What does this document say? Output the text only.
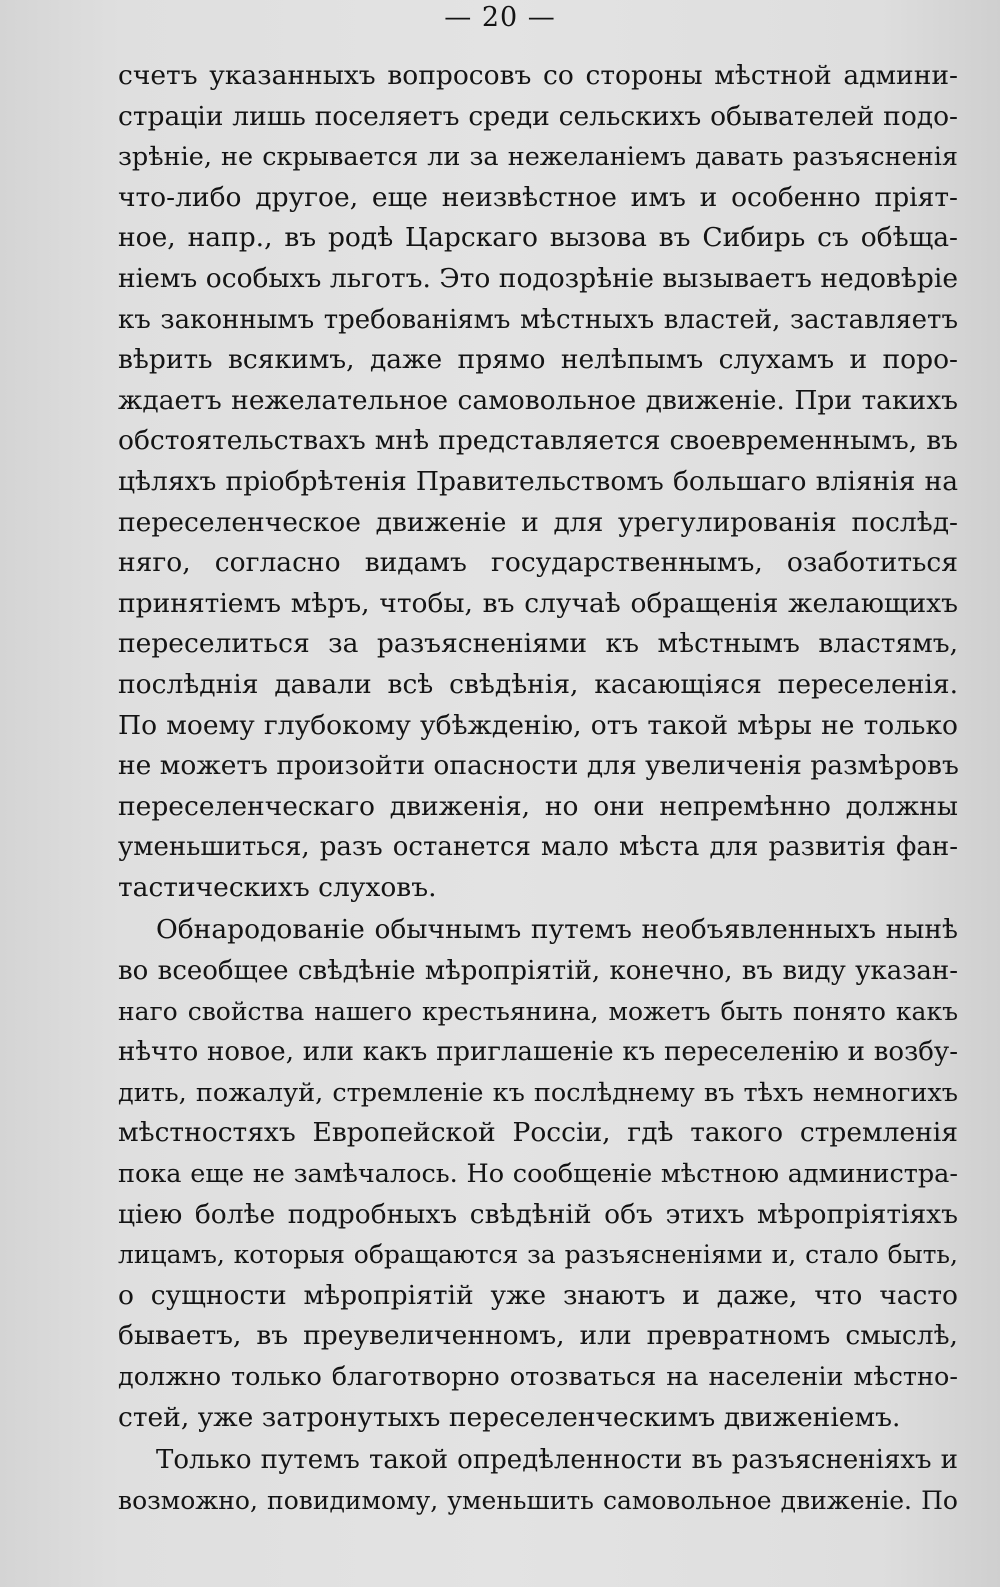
— 20 —
счетъ указанныхъ вопросовъ со стороны мѣстной админи-
страціи лишь поселяетъ среди сельскихъ обывателей подо-
зрѣніе, не скрывается ли за нежеланіемъ давать разъясненія
что-либо другое, еще неизвѣстное имъ и особенно пріят-
ное, напр., въ родѣ Царскаго вызова въ Сибирь съ обѣща-
ніемъ особыхъ льготъ. Это подозрѣніе вызываетъ недовѣріе
къ законнымъ требованіямъ мѣстныхъ властей, заставляетъ
вѣрить всякимъ, даже прямо нелѣпымъ слухамъ и поро-
ждаетъ нежелательное самовольное движеніе. При такихъ
обстоятельствахъ мнѣ представляется своевременнымъ, въ
цѣляхъ пріобрѣтенія Правительствомъ большаго вліянія на
переселенческое движеніе и для урегулированія послѣд-
няго, согласно видамъ государственнымъ, озаботиться
принятіемъ мѣръ, чтобы, въ случаѣ обращенія желающихъ
переселиться за разъясненіями къ мѣстнымъ властямъ,
послѣднія давали всѣ свѣдѣнія, касающіяся переселенія.
По моему глубокому убѣжденію, отъ такой мѣры не только
не можетъ произойти опасности для увеличенія размѣровъ
переселенческаго движенія, но они непремѣнно должны
уменьшиться, разъ останется мало мѣста для развитія фан-
тастическихъ слуховъ.
Обнародованіе обычнымъ путемъ необъявленныхъ нынѣ
во всеобщее свѣдѣніе мѣропріятій, конечно, въ виду указан-
наго свойства нашего крестьянина, можетъ быть понято какъ
нѣчто новое, или какъ приглашеніе къ переселенію и возбу-
дить, пожалуй, стремленіе къ послѣднему въ тѣхъ немногихъ
мѣстностяхъ Европейской Россіи, гдѣ такого стремленія
пока еще не замѣчалось. Но сообщеніе мѣстною администра-
ціею болѣе подробныхъ свѣдѣній объ этихъ мѣропріятіяхъ
лицамъ, которыя обращаются за разъясненіями и, стало быть,
о сущности мѣропріятій уже знаютъ и даже, что часто
бываетъ, въ преувеличенномъ, или превратномъ смыслѣ,
должно только благотворно отозваться на населеніи мѣстно-
стей, уже затронутыхъ переселенческимъ движеніемъ.
Только путемъ такой опредѣленности въ разъясненіяхъ и
возможно, повидимому, уменьшить самовольное движеніе. По
